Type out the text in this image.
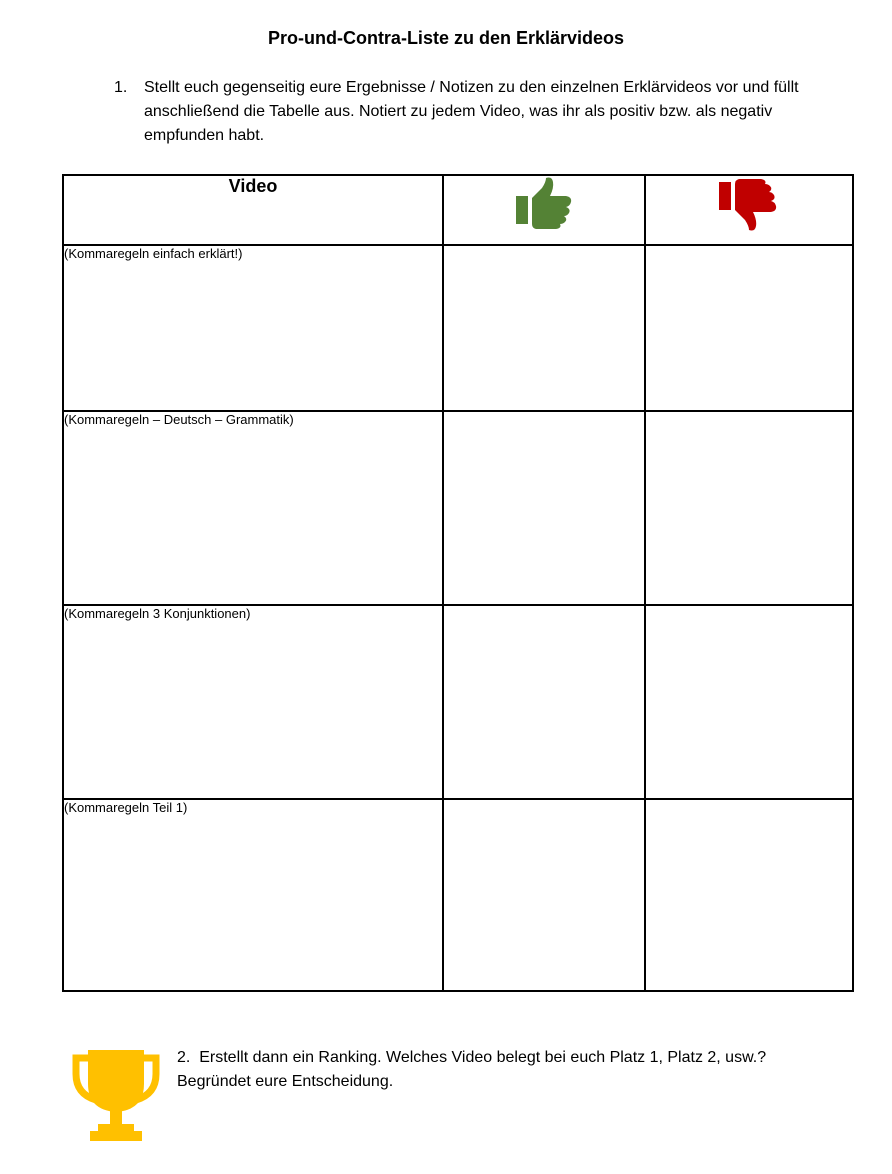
Pro-und-Contra-Liste zu den Erklärvideos
1. Stellt euch gegenseitig eure Ergebnisse / Notizen zu den einzelnen Erklärvideos vor und füllt anschließend die Tabelle aus. Notiert zu jedem Video, was ihr als positiv bzw. als negativ empfunden habt.
Video		
(Kommaregeln einfach erklärt!)		
(Kommaregeln – Deutsch – Grammatik)		
(Kommaregeln 3 Konjunktionen)		
(Kommaregeln Teil 1)		
2. Erstellt dann ein Ranking. Welches Video belegt bei euch Platz 1, Platz 2, usw.? Begründet eure Entscheidung.
